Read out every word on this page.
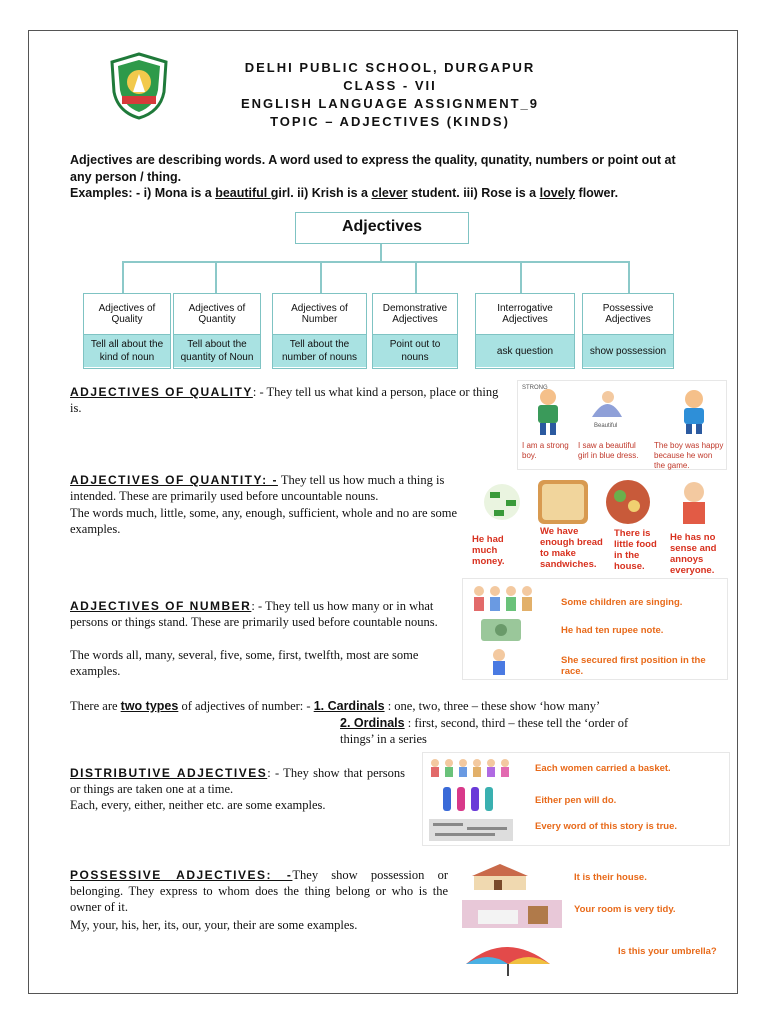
DELHI PUBLIC SCHOOL, DURGAPUR
CLASS - VII
ENGLISH LANGUAGE ASSIGNMENT_9
TOPIC – ADJECTIVES (KINDS)
Adjectives are describing words. A word used to express the quality, qunatity, numbers or point out at any person / thing.
Examples: - i) Mona is a beautiful girl. ii) Krish is a clever student. iii) Rose is a lovely flower.
Adjectives
Adjectives of Quality
Tell all about the kind of noun
Adjectives of Quantity
Tell about the quantity of Noun
Adjectives of Number
Tell about the number of nouns
Demonstrative Adjectives
Point out to nouns
Interrogative Adjectives
ask question
Possessive Adjectives
show possession
ADJECTIVES OF QUALITY: - They tell us what kind a person, place or thing is.
STRONG
Beautiful
I am a strong boy.
I saw a beautiful girl in blue dress.
The boy was happy because he won the game.
ADJECTIVES OF QUANTITY: - They tell us how much a thing is intended. These are primarily used before uncountable nouns.
The words much, little, some, any, enough, sufficient, whole and no are some examples.
He had much money.
We have enough bread to make sandwiches.
There is little food in the house.
He has no sense and annoys everyone.
ADJECTIVES OF NUMBER: - They tell us how many or in what persons or things stand. These are primarily used before countable nouns.
The words all, many, several, five, some, first, twelfth, most are some examples.
Some children are singing.
He had ten rupee note.
She secured first position in the race.
There are two types of adjectives of number: - 1. Cardinals : one, two, three – these show ‘how many’
2. Ordinals : first, second, third – these tell the ‘order of
things’ in a series
DISTRIBUTIVE ADJECTIVES: - They show that persons or things are taken one at a time.
Each, every, either, neither etc. are some examples.
Each women carried a basket.
Either pen will do.
Every word of this story is true.
POSSESSIVE ADJECTIVES: -They show possession or belonging. They express to whom does the thing belong or who is the owner of it.
My, your, his, her, its, our, your, their are some examples.
It is their house.
Your room is very tidy.
Is this your umbrella?
